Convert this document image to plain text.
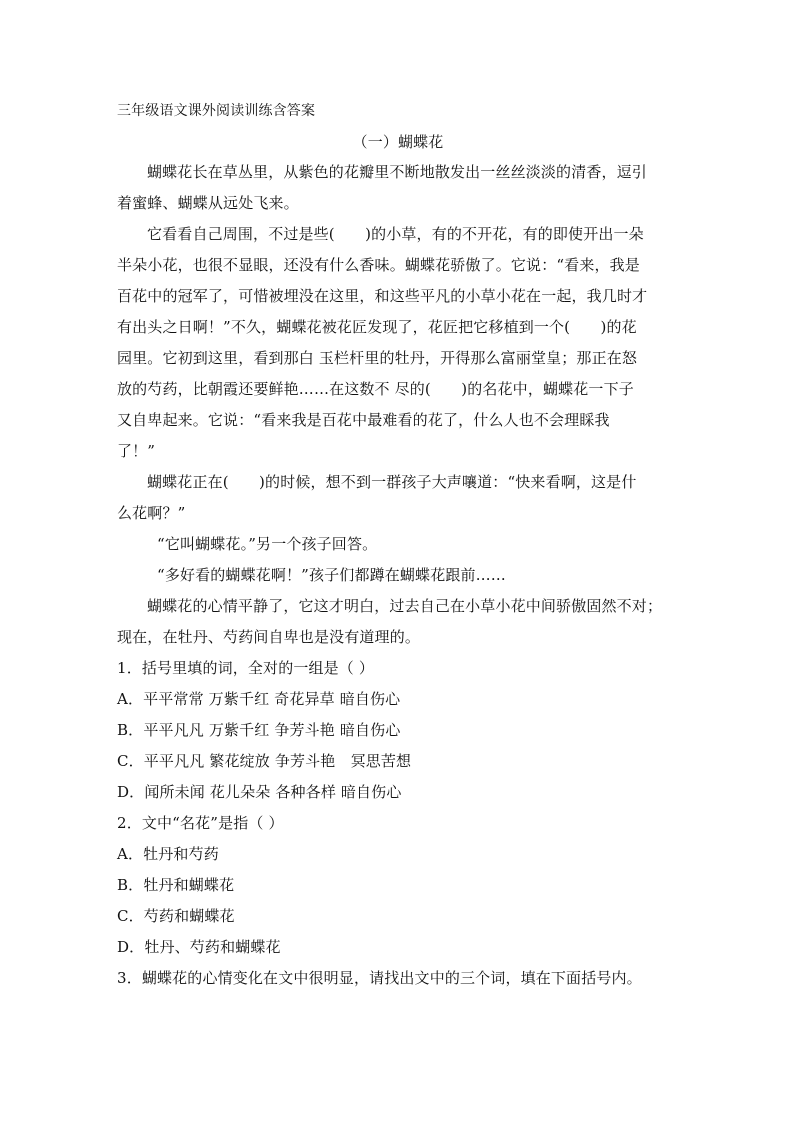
三年级语文课外阅读训练含答案

（一）蝴蝶花

蝴蝶花长在草丛里，从紫色的花瓣里不断地散发出一丝丝淡淡的清香，逗引

着蜜蜂、蝴蝶从远处飞来。

它看看自己周围，不过是些(　　)的小草，有的不开花，有的即使开出一朵

半朵小花，也很不显眼，还没有什么香味。蝴蝶花骄傲了。它说：“看来，我是

百花中的冠军了，可惜被埋没在这里，和这些平凡的小草小花在一起，我几时才

有出头之日啊！”不久，蝴蝶花被花匠发现了，花匠把它移植到一个(　　)的花

园里。它初到这里，看到那白 玉栏杆里的牡丹，开得那么富丽堂皇；那正在怒

放的芍药，比朝霞还要鲜艳……在这数不 尽的(　　)的名花中，蝴蝶花一下子

又自卑起来。它说：“看来我是百花中最难看的花了，什么人也不会理睬我

了！”

蝴蝶花正在(　　)的时候，想不到一群孩子大声嚷道：“快来看啊，这是什

么花啊？”

“它叫蝴蝶花。”另一个孩子回答。

“多好看的蝴蝶花啊！”孩子们都蹲在蝴蝶花跟前……

蝴蝶花的心情平静了，它这才明白，过去自己在小草小花中间骄傲固然不对；

现在，在牡丹、芍药间自卑也是没有道理的。

1．括号里填的词，全对的一组是（ ）

A．平平常常 万紫千红 奇花异草 暗自伤心

B．平平凡凡 万紫千红 争芳斗艳 暗自伤心

C．平平凡凡 繁花绽放 争芳斗艳　冥思苦想

D．闻所未闻 花儿朵朵 各种各样 暗自伤心

2．文中“名花”是指（ ）

A．牡丹和芍药

B．牡丹和蝴蝶花

C．芍药和蝴蝶花

D．牡丹、芍药和蝴蝶花

3．蝴蝶花的心情变化在文中很明显，请找出文中的三个词，填在下面括号内。
